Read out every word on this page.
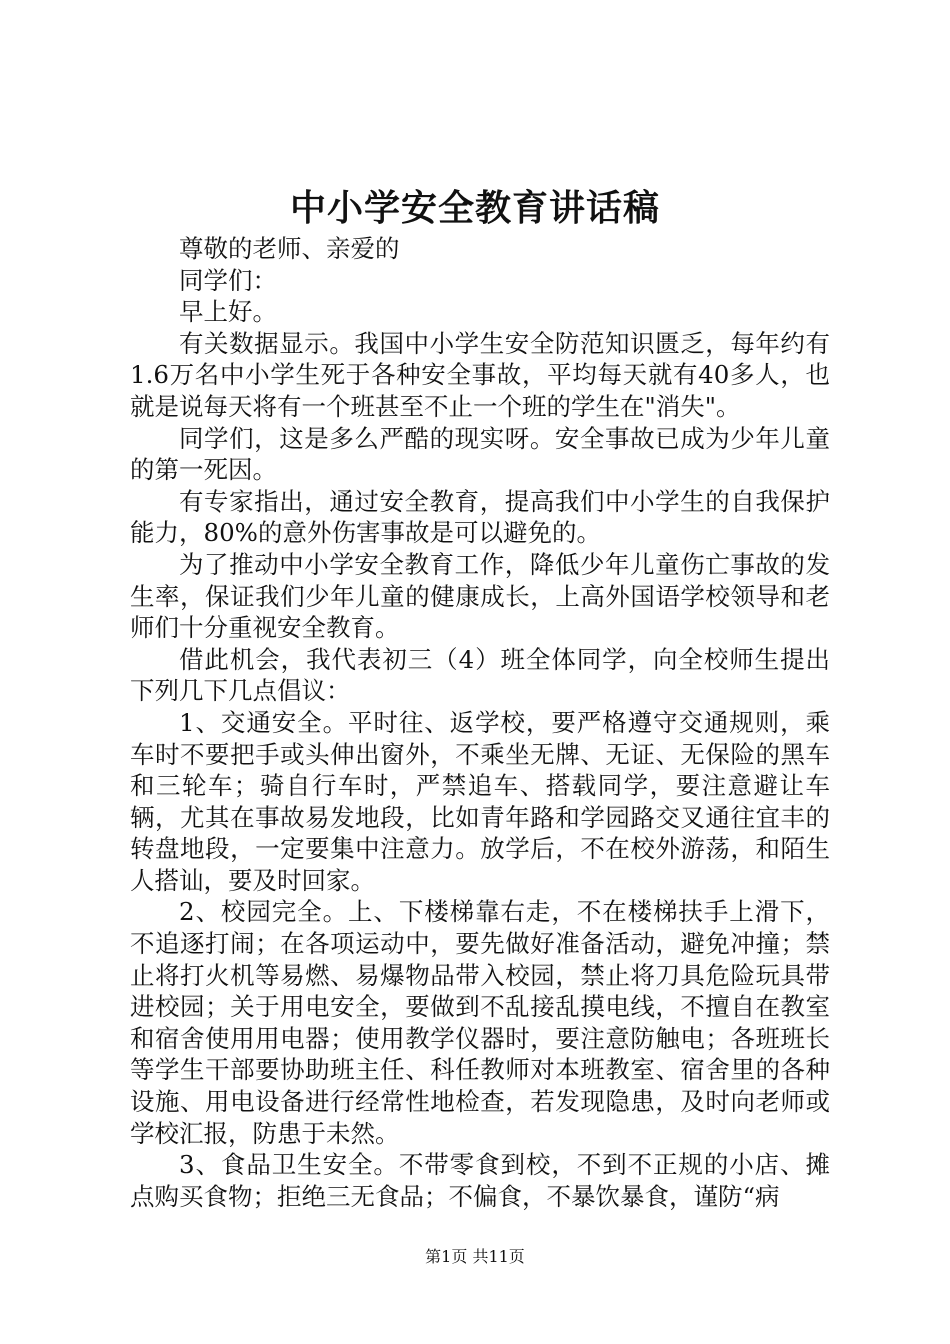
中小学安全教育讲话稿

尊敬的老师、亲爱的

同学们：

早上好。

有关数据显示。我国中小学生安全防范知识匮乏，每年约有1.6万名中小学生死于各种安全事故，平均每天就有40多人，也就是说每天将有一个班甚至不止一个班的学生在"消失"。

同学们，这是多么严酷的现实呀。安全事故已成为少年儿童的第一死因。

有专家指出，通过安全教育，提高我们中小学生的自我保护能力，80%的意外伤害事故是可以避免的。

为了推动中小学安全教育工作，降低少年儿童伤亡事故的发生率，保证我们少年儿童的健康成长，上高外国语学校领导和老师们十分重视安全教育。

借此机会，我代表初三（4）班全体同学，向全校师生提出下列几下几点倡议：

1、交通安全。平时往、返学校，要严格遵守交通规则，乘车时不要把手或头伸出窗外，不乘坐无牌、无证、无保险的黑车和三轮车；骑自行车时，严禁追车、搭载同学，要注意避让车辆，尤其在事故易发地段，比如青年路和学园路交叉通往宜丰的转盘地段，一定要集中注意力。放学后，不在校外游荡，和陌生人搭讪，要及时回家。

2、校园完全。上、下楼梯靠右走，不在楼梯扶手上滑下，不追逐打闹；在各项运动中，要先做好准备活动，避免冲撞；禁止将打火机等易燃、易爆物品带入校园，禁止将刀具危险玩具带进校园；关于用电安全，要做到不乱接乱摸电线，不擅自在教室和宿舍使用用电器；使用教学仪器时，要注意防触电；各班班长等学生干部要协助班主任、科任教师对本班教室、宿舍里的各种设施、用电设备进行经常性地检查，若发现隐患，及时向老师或学校汇报，防患于未然。

3、食品卫生安全。不带零食到校，不到不正规的小店、摊点购买食物；拒绝三无食品；不偏食，不暴饮暴食，谨防“病

第1页 共11页
